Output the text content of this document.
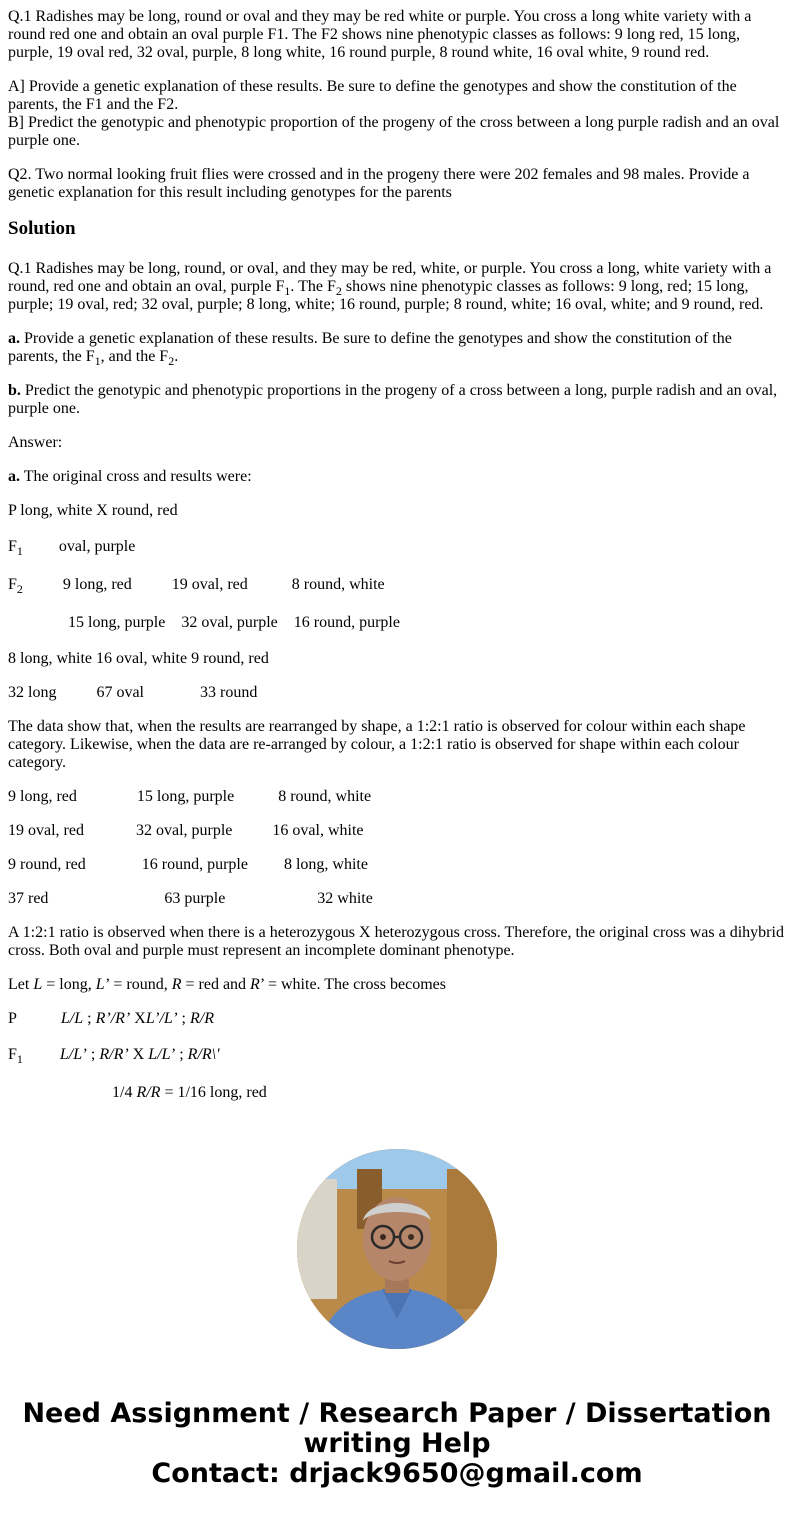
Q.1 Radishes may be long, round or oval and they may be red white or purple. You cross a long white variety with a round red one and obtain an oval purple F1. The F2 shows nine phenotypic classes as follows: 9 long red, 15 long, purple, 19 oval red, 32 oval, purple, 8 long white, 16 round purple, 8 round white, 16 oval white, 9 round red.

A] Provide a genetic explanation of these results. Be sure to define the genotypes and show the constitution of the parents, the F1 and the F2.
B] Predict the genotypic and phenotypic proportion of the progeny of the cross between a long purple radish and an oval purple one.

Q2. Two normal looking fruit flies were crossed and in the progeny there were 202 females and 98 males. Provide a genetic explanation for this result including genotypes for the parents

Solution

Q.1 Radishes may be long, round, or oval, and they may be red, white, or purple. You cross a long, white variety with a round, red one and obtain an oval, purple $F_1$. The $F_2$ shows nine phenotypic classes as follows: 9 long, red; 15 long, purple; 19 oval, red; 32 oval, purple; 8 long, white; 16 round, purple; 8 round, white; 16 oval, white; and 9 round, red.

a. Provide a genetic explanation of these results. Be sure to define the genotypes and show the constitution of the parents, the $F_1$, and the $F_2$.

b. Predict the genotypic and phenotypic proportions in the progeny of a cross between a long, purple radish and an oval, purple one.

Answer:

a. The original cross and results were:

P long, white X round, red

$F_1$         oval, purple
$F_2$          9 long, red          19 oval, red           8 round, white
15 long, purple    32 oval, purple    16 round, purple
8 long, white 16 oval, white 9 round, red
32 long          67 oval              33 round

The data show that, when the results are rearranged by shape, a 1:2:1 ratio is observed for colour within each shape category. Likewise, when the data are re-arranged by colour, a 1:2:1 ratio is observed for shape within each colour category.

9 long, red               15 long, purple           8 round, white
19 oval, red             32 oval, purple          16 oval, white
9 round, red              16 round, purple         8 long, white
37 red                             63 purple                       32 white

A 1:2:1 ratio is observed when there is a heterozygous X heterozygous cross. Therefore, the original cross was a dihybrid cross. Both oval and purple must represent an incomplete dominant phenotype.

Let L = long, L’ = round, R = red and R’ = white. The cross becomes

P	L/L ; R’/R’ XL’/L’ ; R/R
$F_1$ L/L’ ; R/R’ X L/L’ ; R/R\'
1/4 R/R = 1/16 long, red
Need Assignment / Research Paper / Dissertation
writing Help
Contact: drjack9650@gmail.com
